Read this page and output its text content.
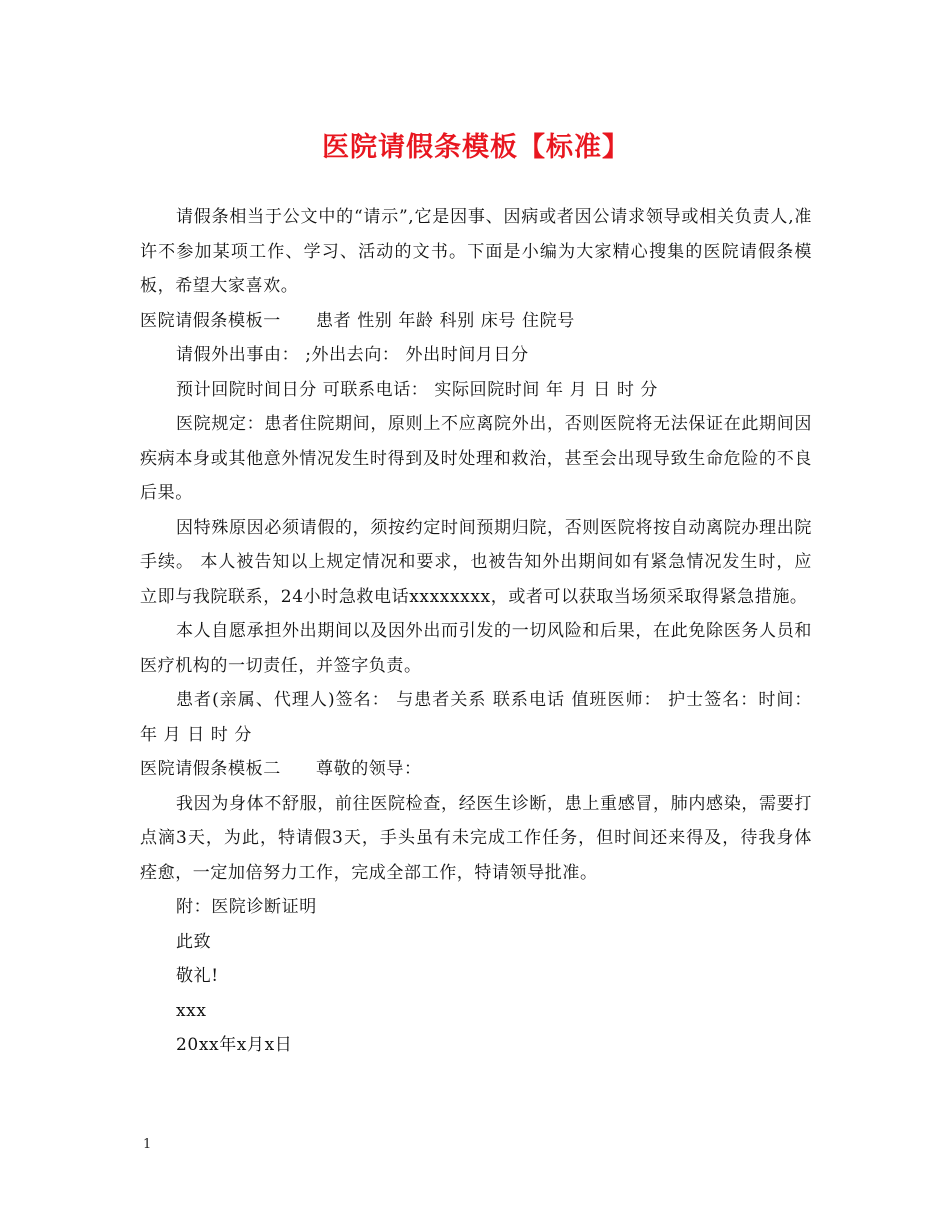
医院请假条模板【标准】

请假条相当于公文中的“请示”,它是因事、因病或者因公请求领导或相关负责人,准许不参加某项工作、学习、活动的文书。下面是小编为大家精心搜集的医院请假条模板，希望大家喜欢。

医院请假条模板一　　患者 性别 年龄 科别 床号 住院号

请假外出事由： ;外出去向： 外出时间月日分

预计回院时间日分 可联系电话： 实际回院时间 年 月 日 时 分

医院规定：患者住院期间，原则上不应离院外出，否则医院将无法保证在此期间因疾病本身或其他意外情况发生时得到及时处理和救治，甚至会出现导致生命危险的不良后果。

因特殊原因必须请假的，须按约定时间预期归院，否则医院将按自动离院办理出院手续。 本人被告知以上规定情况和要求，也被告知外出期间如有紧急情况发生时，应立即与我院联系，24小时急救电话xxxxxxxx，或者可以获取当场须采取得紧急措施。

本人自愿承担外出期间以及因外出而引发的一切风险和后果，在此免除医务人员和医疗机构的一切责任，并签字负责。

患者(亲属、代理人)签名： 与患者关系 联系电话 值班医师： 护士签名：时间： 年 月 日 时 分

医院请假条模板二　　尊敬的领导：

我因为身体不舒服，前往医院检查，经医生诊断，患上重感冒，肺内感染，需要打点滴3天，为此，特请假3天，手头虽有未完成工作任务，但时间还来得及，待我身体痊愈，一定加倍努力工作，完成全部工作，特请领导批准。

附：医院诊断证明

此致

敬礼!

xxx

20xx年x月x日

1
